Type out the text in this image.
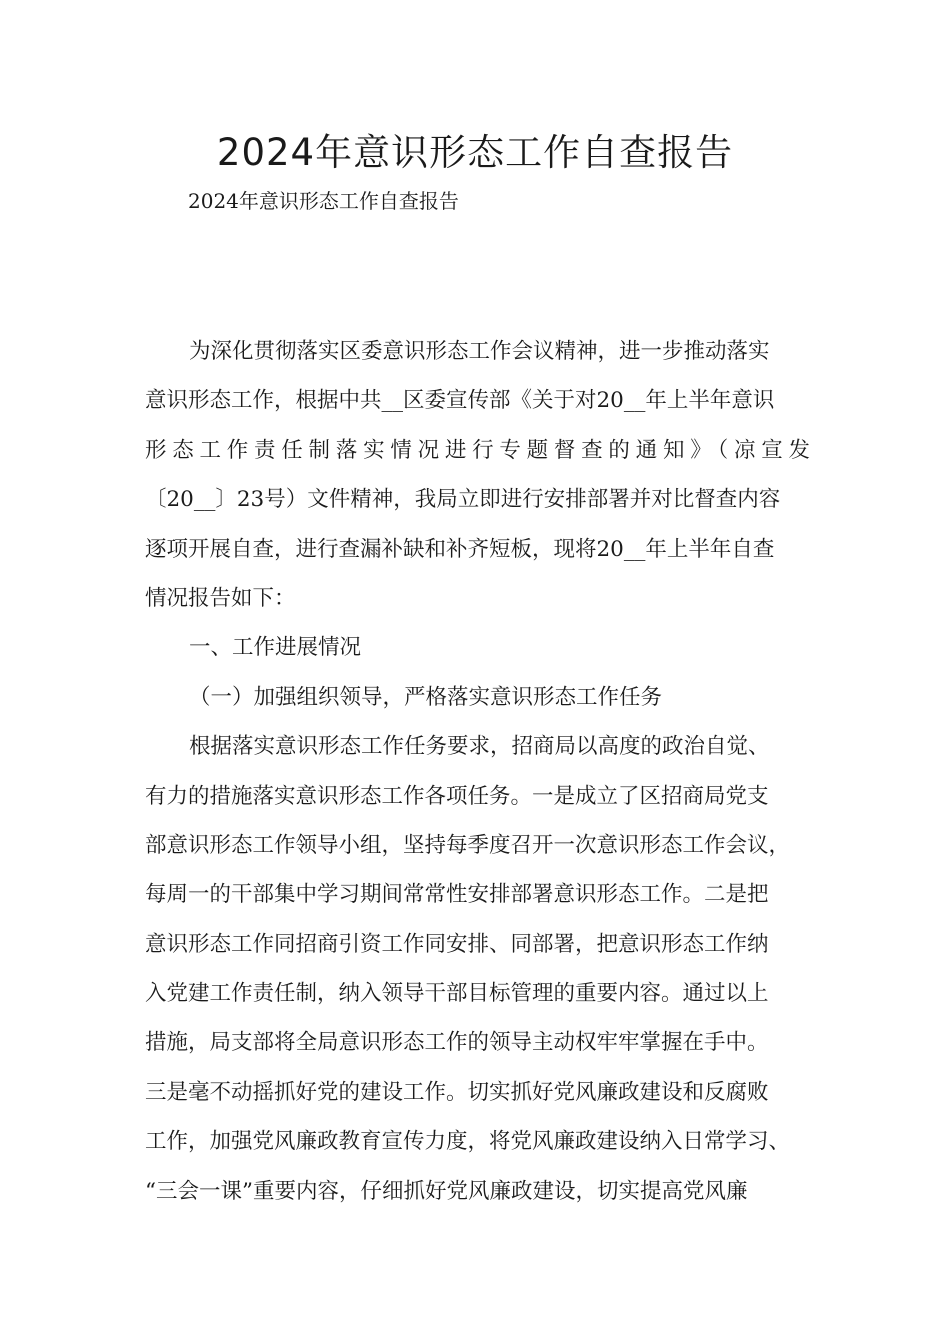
2024年意识形态工作自查报告

2024年意识形态工作自查报告

为深化贯彻落实区委意识形态工作会议精神，进一步推动落实
意识形态工作，根据中共__区委宣传部《关于对20__年上半年意识
形态工作责任制落实情况进行专题督查的通知》（凉宣发
〔20__〕23号）文件精神，我局立即进行安排部署并对比督查内容
逐项开展自查，进行查漏补缺和补齐短板，现将20__年上半年自查
情况报告如下：
一、工作进展情况
（一）加强组织领导，严格落实意识形态工作任务
根据落实意识形态工作任务要求，招商局以高度的政治自觉、
有力的措施落实意识形态工作各项任务。一是成立了区招商局党支
部意识形态工作领导小组，坚持每季度召开一次意识形态工作会议，
每周一的干部集中学习期间常常性安排部署意识形态工作。二是把
意识形态工作同招商引资工作同安排、同部署，把意识形态工作纳
入党建工作责任制，纳入领导干部目标管理的重要内容。通过以上
措施，局支部将全局意识形态工作的领导主动权牢牢掌握在手中。
三是毫不动摇抓好党的建设工作。切实抓好党风廉政建设和反腐败
工作，加强党风廉政教育宣传力度，将党风廉政建设纳入日常学习、
“三会一课”重要内容，仔细抓好党风廉政建设，切实提高党风廉
